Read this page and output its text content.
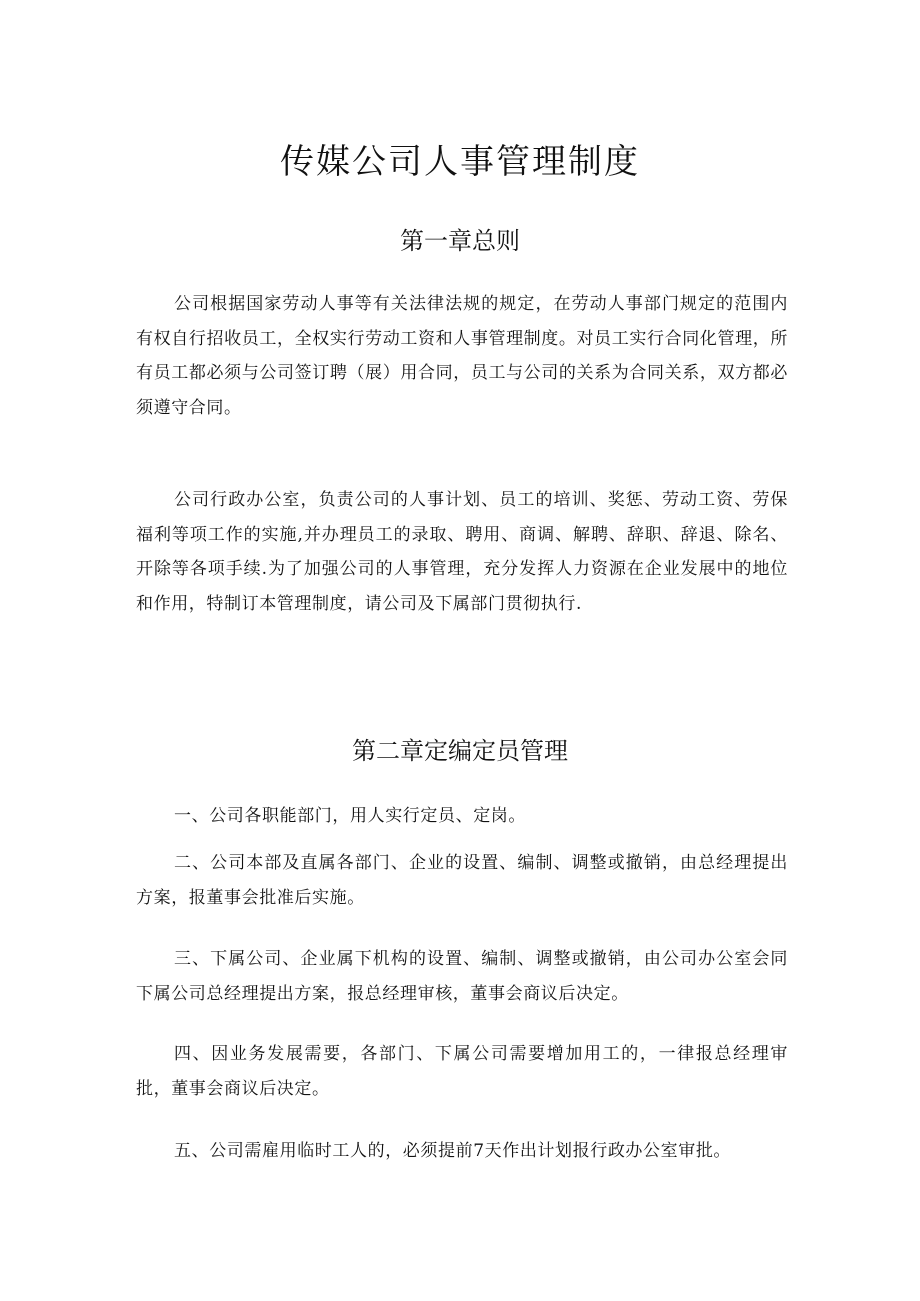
传媒公司人事管理制度
第一章总则

公司根据国家劳动人事等有关法律法规的规定，在劳动人事部门规定的范围内有权自行招收员工，全权实行劳动工资和人事管理制度。对员工实行合同化管理，所有员工都必须与公司签订聘（展）用合同，员工与公司的关系为合同关系，双方都必须遵守合同。

公司行政办公室，负责公司的人事计划、员工的培训、奖惩、劳动工资、劳保福利等项工作的实施,并办理员工的录取、聘用、商调、解聘、辞职、辞退、除名、开除等各项手续.为了加强公司的人事管理，充分发挥人力资源在企业发展中的地位和作用，特制订本管理制度，请公司及下属部门贯彻执行.

第二章定编定员管理

一、公司各职能部门，用人实行定员、定岗。

二、公司本部及直属各部门、企业的设置、编制、调整或撤销，由总经理提出方案，报董事会批准后实施。

三、下属公司、企业属下机构的设置、编制、调整或撤销，由公司办公室会同下属公司总经理提出方案，报总经理审核，董事会商议后决定。

四、因业务发展需要，各部门、下属公司需要增加用工的，一律报总经理审批，董事会商议后决定。

五、公司需雇用临时工人的，必须提前7天作出计划报行政办公室审批。
